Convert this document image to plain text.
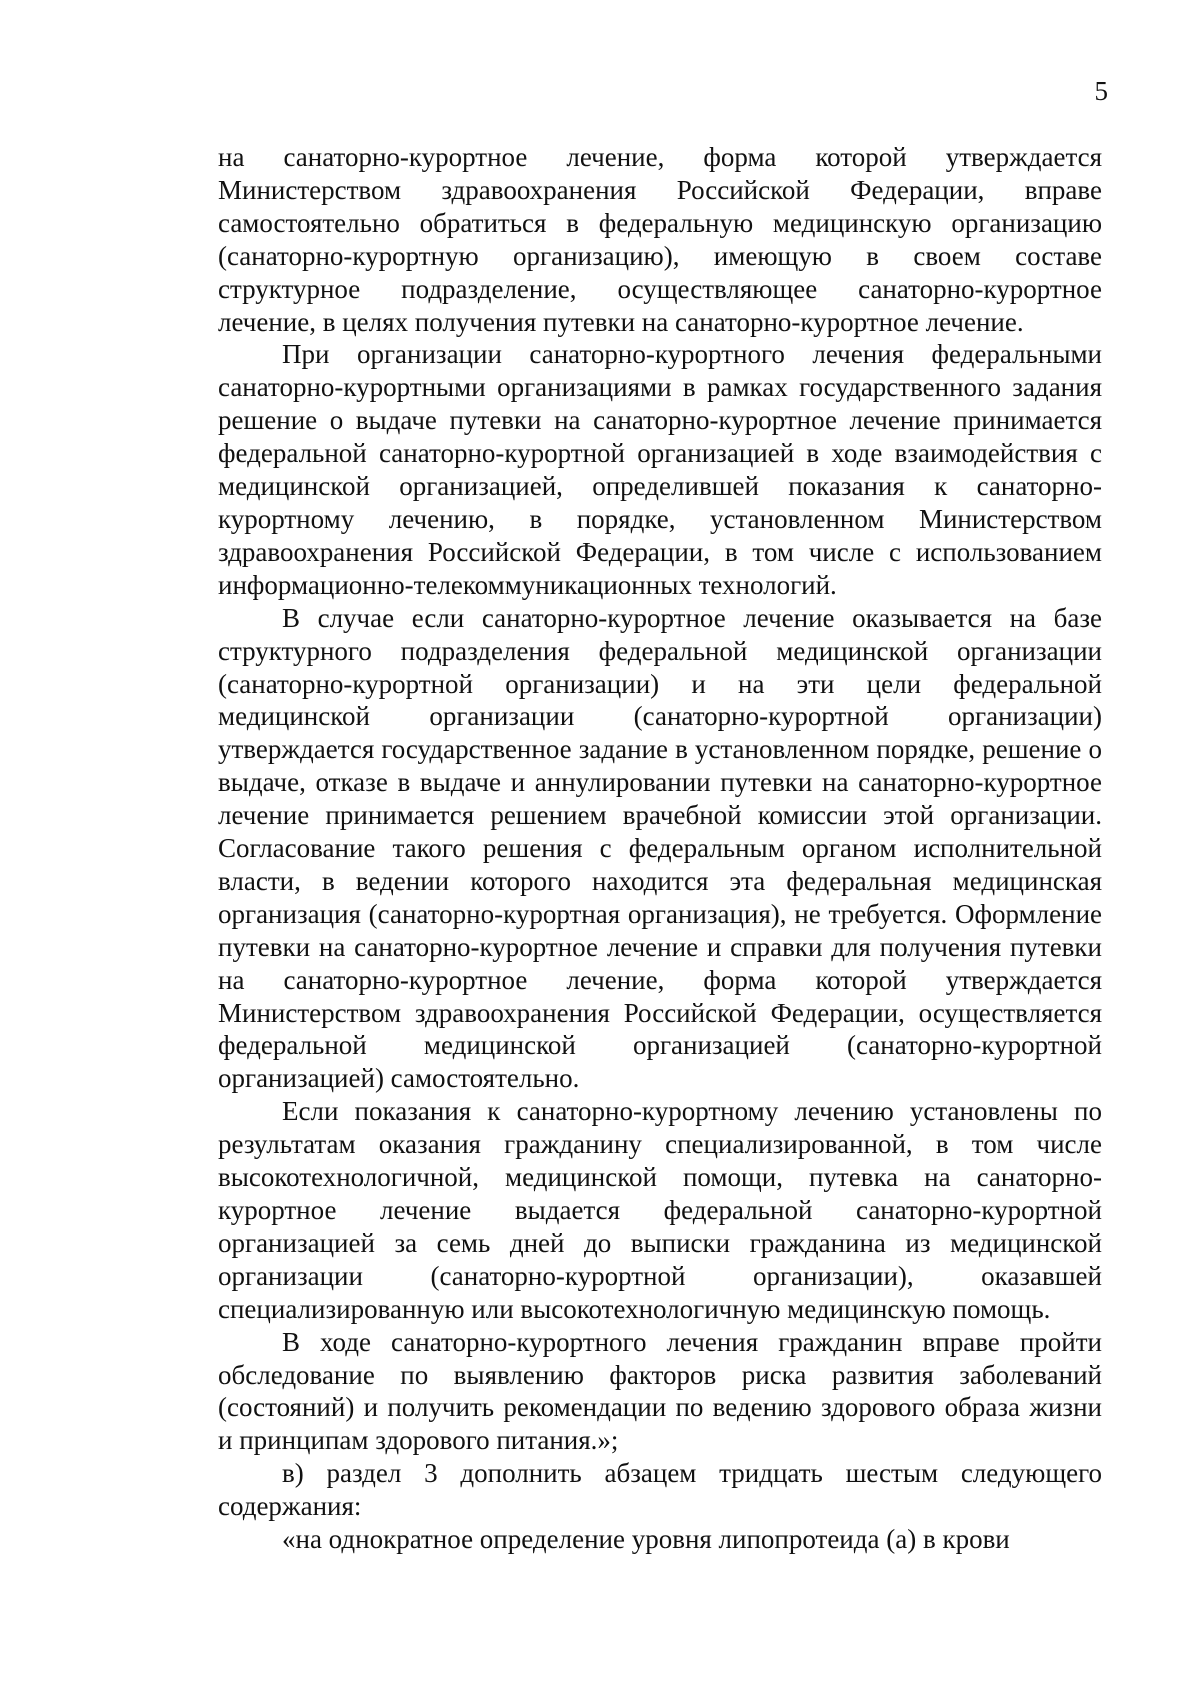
5

на санаторно-курортное лечение, форма которой утверждается Министерством здравоохранения Российской Федерации, вправе самостоятельно обратиться в федеральную медицинскую организацию (санаторно-курортную организацию), имеющую в своем составе структурное подразделение, осуществляющее санаторно-курортное лечение, в целях получения путевки на санаторно-курортное лечение.

При организации санаторно-курортного лечения федеральными санаторно-курортными организациями в рамках государственного задания решение о выдаче путевки на санаторно-курортное лечение принимается федеральной санаторно-курортной организацией в ходе взаимодействия с медицинской организацией, определившей показания к санаторно-курортному лечению, в порядке, установленном Министерством здравоохранения Российской Федерации, в том числе с использованием информационно-телекоммуникационных технологий.

В случае если санаторно-курортное лечение оказывается на базе структурного подразделения федеральной медицинской организации (санаторно-курортной организации) и на эти цели федеральной медицинской организации (санаторно-курортной организации) утверждается государственное задание в установленном порядке, решение о выдаче, отказе в выдаче и аннулировании путевки на санаторно-курортное лечение принимается решением врачебной комиссии этой организации. Согласование такого решения с федеральным органом исполнительной власти, в ведении которого находится эта федеральная медицинская организация (санаторно-курортная организация), не требуется. Оформление путевки на санаторно-курортное лечение и справки для получения путевки на санаторно-курортное лечение, форма которой утверждается Министерством здравоохранения Российской Федерации, осуществляется федеральной медицинской организацией (санаторно-курортной организацией) самостоятельно.

Если показания к санаторно-курортному лечению установлены по результатам оказания гражданину специализированной, в том числе высокотехнологичной, медицинской помощи, путевка на санаторно-курортное лечение выдается федеральной санаторно-курортной организацией за семь дней до выписки гражданина из медицинской организации (санаторно-курортной организации), оказавшей специализированную или высокотехнологичную медицинскую помощь.

В ходе санаторно-курортного лечения гражданин вправе пройти обследование по выявлению факторов риска развития заболеваний (состояний) и получить рекомендации по ведению здорового образа жизни и принципам здорового питания.»;

в) раздел 3 дополнить абзацем тридцать шестым следующего содержания:

«на однократное определение уровня липопротеида (а) в крови
